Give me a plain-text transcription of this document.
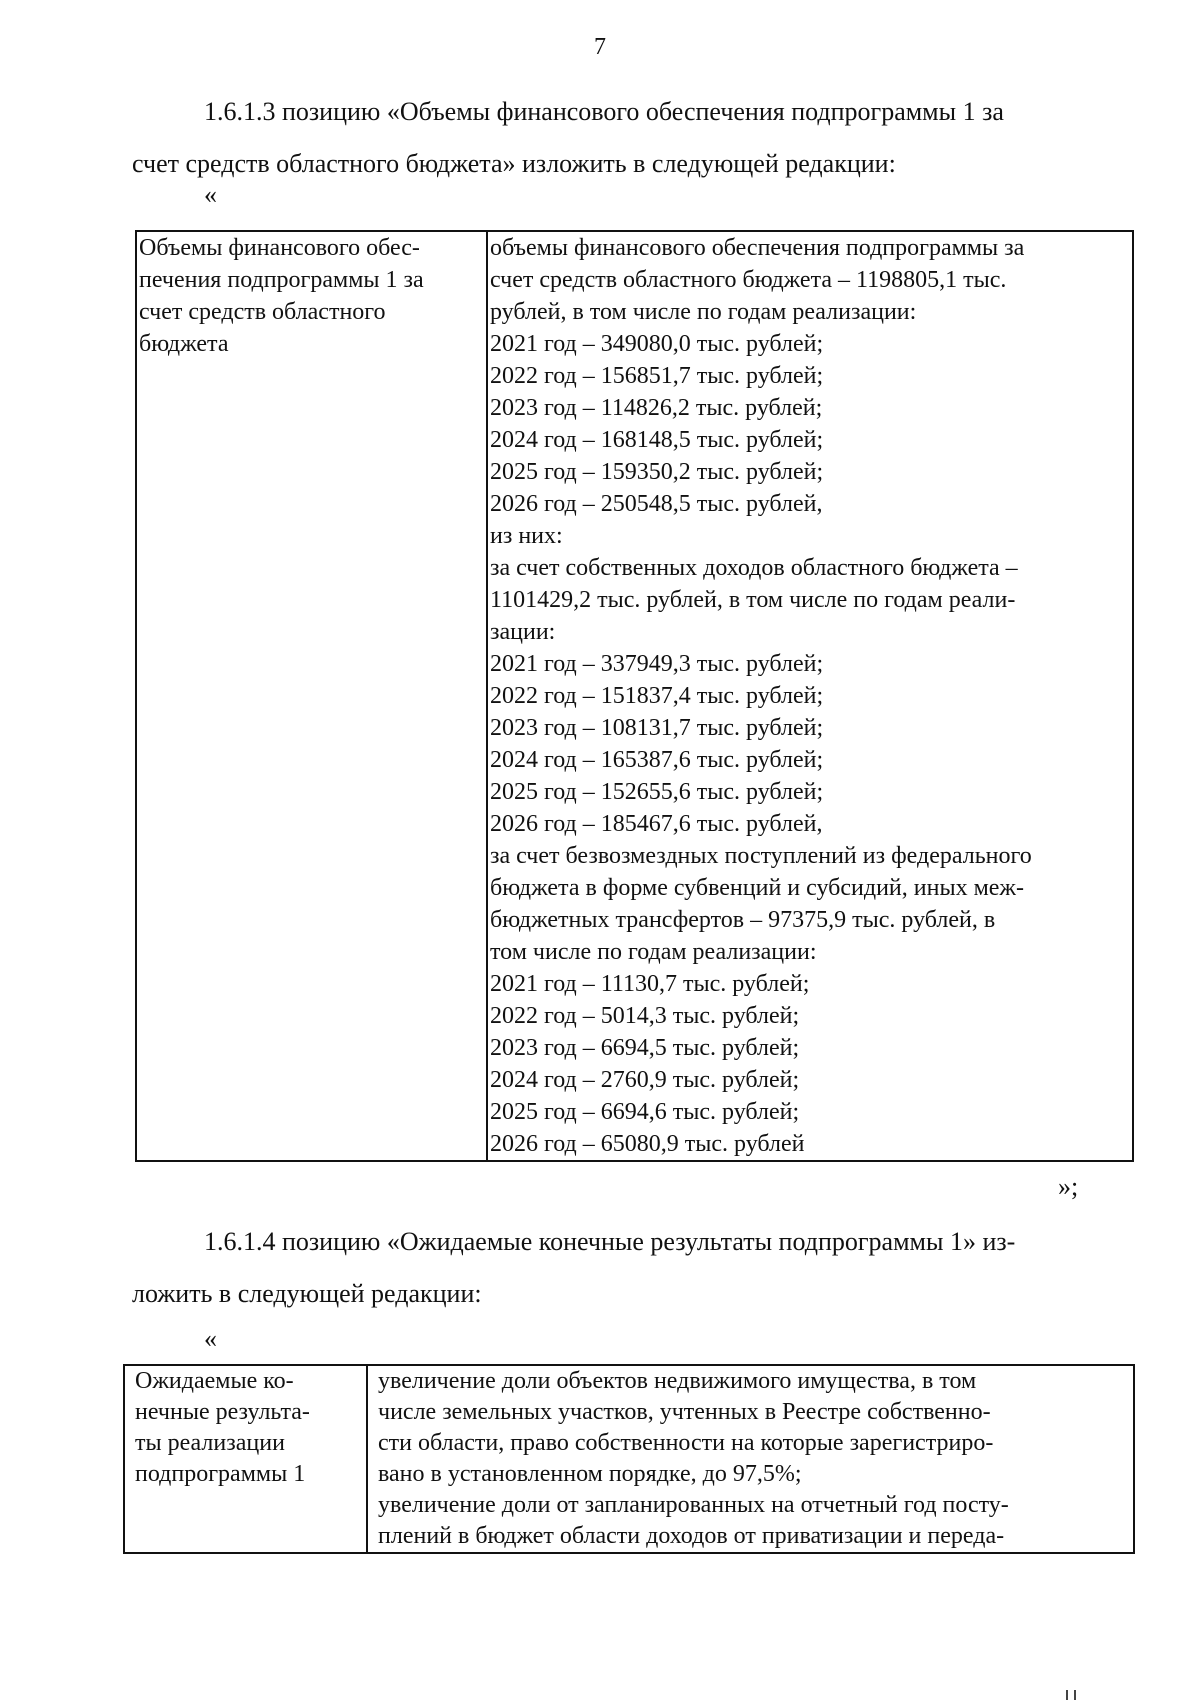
7

1.6.1.3 позицию «Объемы финансового обеспечения подпрограммы 1 за
счет средств областного бюджета» изложить в следующей редакции:

«
Объемы финансового обес-
печения подпрограммы 1 за
счет средств областного
бюджета

объемы финансового обеспечения подпрограммы за
счет средств областного бюджета – 1198805,1 тыс.
рублей, в том числе по годам реализации:
2021 год – 349080,0 тыс. рублей;
2022 год – 156851,7 тыс. рублей;
2023 год – 114826,2 тыс. рублей;
2024 год – 168148,5 тыс. рублей;
2025 год – 159350,2 тыс. рублей;
2026 год – 250548,5 тыс. рублей,
из них:
за счет собственных доходов областного бюджета –
1101429,2 тыс. рублей, в том числе по годам реали-
зации:
2021 год – 337949,3 тыс. рублей;
2022 год – 151837,4 тыс. рублей;
2023 год – 108131,7 тыс. рублей;
2024 год – 165387,6 тыс. рублей;
2025 год – 152655,6 тыс. рублей;
2026 год – 185467,6 тыс. рублей,
за счет безвозмездных поступлений из федерального
бюджета в форме субвенций и субсидий, иных меж-
бюджетных трансфертов – 97375,9 тыс. рублей, в
том числе по годам реализации:
2021 год – 11130,7 тыс. рублей;
2022 год – 5014,3 тыс. рублей;
2023 год – 6694,5 тыс. рублей;
2024 год – 2760,9 тыс. рублей;
2025 год – 6694,6 тыс. рублей;
2026 год – 65080,9 тыс. рублей
»;

1.6.1.4 позицию «Ожидаемые конечные результаты подпрограммы 1» из-
ложить в следующей редакции:

«
Ожидаемые ко-
нечные результа-
ты реализации
подпрограммы 1

увеличение доли объектов недвижимого имущества, в том
числе земельных участков, учтенных в Реестре собственно-
сти области, право собственности на которые зарегистриро-
вано в установленном порядке, до 97,5%;
увеличение доли от запланированных на отчетный год посту-
плений в бюджет области доходов от приватизации и переда-
